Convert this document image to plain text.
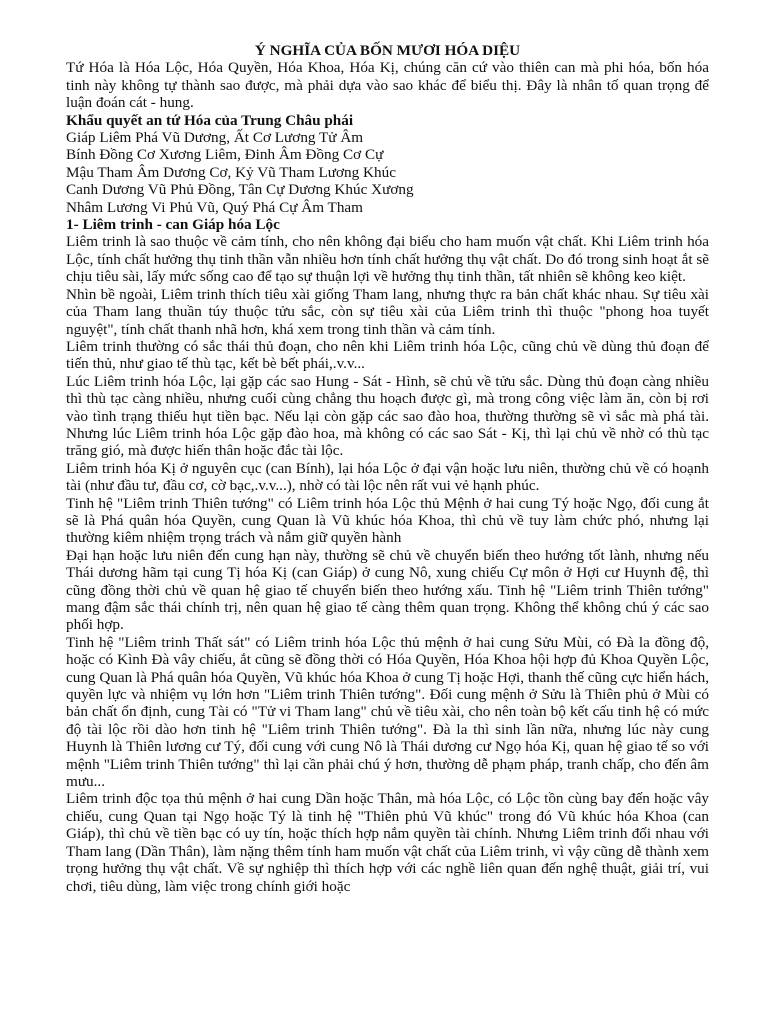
Ý NGHĨA CỦA BỐN MƯƠI HÓA DIỆU

Tứ Hóa là Hóa Lộc, Hóa Quyền, Hóa Khoa, Hóa Kị, chúng căn cứ vào thiên can mà phi hóa, bốn hóa tinh này không tự thành sao được, mà phải dựa vào sao khác để biểu thị. Đây là nhân tố quan trọng để luận đoán cát - hung.

Khẩu quyết an tứ Hóa của Trung Châu phái

Giáp Liêm Phá Vũ Dương, Ất Cơ Lương Tử Âm

Bính Đồng Cơ Xương Liêm, Đinh Âm Đồng Cơ Cự

Mậu Tham Âm Dương Cơ, Kỷ Vũ Tham Lương Khúc

Canh Dương Vũ Phủ Đồng, Tân Cự Dương Khúc Xương

Nhâm Lương Vi Phủ Vũ, Quý Phá Cự Âm Tham

1- Liêm trinh - can Giáp hóa Lộc

Liêm trinh là sao thuộc về cảm tính, cho nên không đại biểu cho ham muốn vật chất. Khi Liêm trinh hóa Lộc, tính chất hưởng thụ tinh thần vẫn nhiều hơn tính chất hưởng thụ vật chất. Do đó trong sinh hoạt ắt sẽ chịu tiêu sài, lấy mức sống cao để tạo sự thuận lợi về hưởng thụ tinh thần, tất nhiên sẽ không keo kiệt.

Nhìn bề ngoài, Liêm trinh thích tiêu xài giống Tham lang, nhưng thực ra bản chất khác nhau. Sự tiêu xài của Tham lang thuần túy thuộc tửu sắc, còn sự tiêu xài của Liêm trinh thì thuộc "phong hoa tuyết nguyệt", tính chất thanh nhã hơn, khá xem trong tinh thần và cảm tính.

Liêm trinh thường có sắc thái thủ đoạn, cho nên khi Liêm trinh hóa Lộc, cũng chủ về dùng thủ đoạn để tiến thủ, như giao tế thù tạc, kết bè bết phái,.v.v...

Lúc Liêm trinh hóa Lộc, lại gặp các sao Hung - Sát - Hình, sẽ chủ về tửu sắc. Dùng thủ đoạn càng nhiều thì thù tạc càng nhiều, nhưng cuối cùng chẳng thu hoạch được gì, mà trong công việc làm ăn, còn bị rơi vào tình trạng thiếu hụt tiền bạc. Nếu lại còn gặp các sao đào hoa, thường thường sẽ vì sắc mà phá tài. Nhưng lúc Liêm trinh hóa Lộc gặp đào hoa, mà không có các sao Sát - Kị, thì lại chủ về nhờ có thù tạc trăng gió, mà được hiến thân hoặc đắc tài lộc.

Liêm trinh hóa Kị ở nguyên cục (can Bính), lại hóa Lộc ở đại vận hoặc lưu niên, thường chủ về có hoạnh tài (như đầu tư, đầu cơ, cờ bạc,.v.v...), nhờ có tài lộc nên rất vui vẻ hạnh phúc.

Tinh hệ "Liêm trinh Thiên tướng" có Liêm trinh hóa Lộc thủ Mệnh ở hai cung Tý hoặc Ngọ, đối cung ắt sẽ là Phá quân hóa Quyền, cung Quan là Vũ khúc hóa Khoa, thì chủ về tuy làm chức phó, nhưng lại thường kiêm nhiệm trọng trách và nắm giữ quyền hành

Đại hạn hoặc lưu niên đến cung hạn này, thường sẽ chủ về chuyển biến theo hướng tốt lành, nhưng nếu Thái dương hãm tại cung Tị hóa Kị (can Giáp) ở cung Nô, xung chiếu Cự môn ở Hợi cư Huynh đệ, thì cũng đồng thời chủ về quan hệ giao tế chuyển biến theo hướng xấu. Tinh hệ "Liêm trinh Thiên tướng" mang đậm sắc thái chính trị, nên quan hệ giao tế càng thêm quan trọng. Không thể không chú ý các sao phối hợp.

Tinh hệ "Liêm trinh Thất sát" có Liêm trinh hóa Lộc thủ mệnh ở hai cung Sửu Mùi, có Đà la đồng độ, hoặc có Kình Đà vây chiếu, ắt cũng sẽ đồng thời có Hóa Quyền, Hóa Khoa hội hợp đủ Khoa Quyền Lộc, cung Quan là Phá quân hóa Quyền, Vũ khúc hóa Khoa ở cung Tị hoặc Hợi, thanh thế cũng cực hiển hách, quyền lực và nhiệm vụ lớn hơn "Liêm trinh Thiên tướng". Đối cung mệnh ở Sửu là Thiên phủ ở Mùi có bản chất ổn định, cung Tài có "Tử vi Tham lang" chủ về tiêu xài, cho nên toàn bộ kết cấu tinh hệ có mức độ tài lộc rồi dào hơn tinh hệ "Liêm trinh Thiên tướng". Đà la thì sinh lần nữa, nhưng lúc này cung Huynh là Thiên lương cư Tý, đối cung với cung Nô là Thái dương cư Ngọ hóa Kị, quan hệ giao tế so với mệnh "Liêm trinh Thiên tướng" thì lại cần phải chú ý hơn, thường dễ phạm pháp, tranh chấp, cho đến âm mưu...

Liêm trinh độc tọa thủ mệnh ở hai cung Dần hoặc Thân, mà hóa Lộc, có Lộc tồn cùng bay đến hoặc vây chiếu, cung Quan tại Ngọ hoặc Tý là tinh hệ "Thiên phủ Vũ khúc" trong đó Vũ khúc hóa Khoa (can Giáp), thì chủ về tiền bạc có uy tín, hoặc thích hợp nắm quyền tài chính. Nhưng Liêm trinh đối nhau với Tham lang (Dần Thân), làm nặng thêm tính ham muốn vật chất của Liêm trinh, vì vậy cũng dễ thành xem trọng hưởng thụ vật chất. Về sự nghiệp thì thích hợp với các nghề liên quan đến nghệ thuật, giải trí, vui chơi, tiêu dùng, làm việc trong chính giới hoặc
